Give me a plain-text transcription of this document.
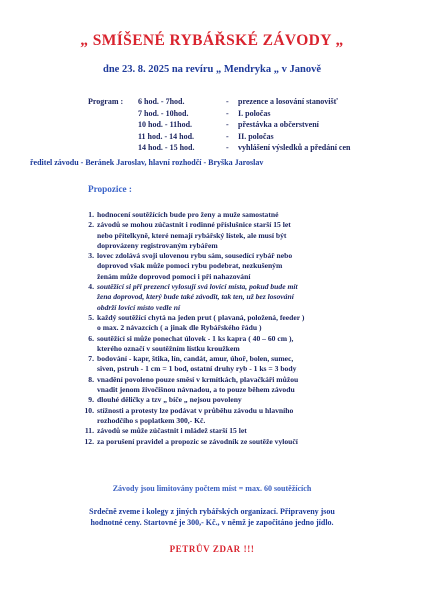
„ SMÍŠENÉ RYBÁŘSKÉ ZÁVODY „
dne 23. 8. 2025 na revíru „ Mendryka „ v Janově
Program :	6 hod. - 7hod.	-	prezence a losování stanovišť
7 hod. - 10hod.	-	I. poločas
10 hod. - 11hod.	-	přestávka a občerstvení
11 hod. - 14 hod.	-	II. poločas
14 hod. - 15 hod.	-	vyhlášení výsledků a předání cen
ředitel závodu - Beránek Jaroslav, hlavní rozhodčí - Bryška Jaroslav
Propozice :
1. hodnocení soutěžících bude pro ženy a muže samostatné
2. závodů se mohou zúčastnit i rodinné příslušnice starší 15 let
nebo přítelkyně, které nemají rybářský lístek, ale musí být
doprovázeny registrovaným rybářem
3. lovec zdolává svoji ulovenou rybu sám, sousedící rybář nebo
doprovod však může pomoci rybu podebrat, nezkušeným
ženám může doprovod pomoci i při nahazování
4. soutěžící si při prezenci vylosují svá lovící místa, pokud bude mít
žena doprovod, který bude také závodit, tak ten, už bez losování
obdrží lovící místo vedle ní
5. každý soutěžící chytá na jeden prut ( plavaná, položená, feeder )
o max. 2 návazcích ( a jinak dle Rybářského řádu )
6. soutěžící si může ponechat úlovek - 1 ks kapra ( 40 – 60 cm ),
kterého označí v soutěžním lístku kroužkem
7. bodování - kapr, štika, lín, candát, amur, úhoř, bolen, sumec,
siven, pstruh - 1 cm = 1 bod, ostatní druhy ryb - 1 ks = 3 body
8. vnadění povoleno pouze směsí v krmítkách, plavačkáři můžou
vnadit jenom živočišnou návnadou, a to pouze během závodu
9. dlouhé děličky a tzv „ bíče „ nejsou povoleny
10. stížnosti a protesty lze podávat v průběhu závodu u hlavního
rozhodčího s poplatkem 300,- Kč.
11. závodů se může zúčastnit i mládež starší 15 let
12. za porušení pravidel a propozic se závodník ze soutěže vyloučí
Závody jsou limitovány počtem míst = max. 60 soutěžících
Srdečně zveme i kolegy z jiných rybářských organizací. Připraveny jsou
hodnotné ceny. Startovné je 300,- Kč., v němž je započitáno jedno jídlo.
PETRŮV ZDAR !!!
